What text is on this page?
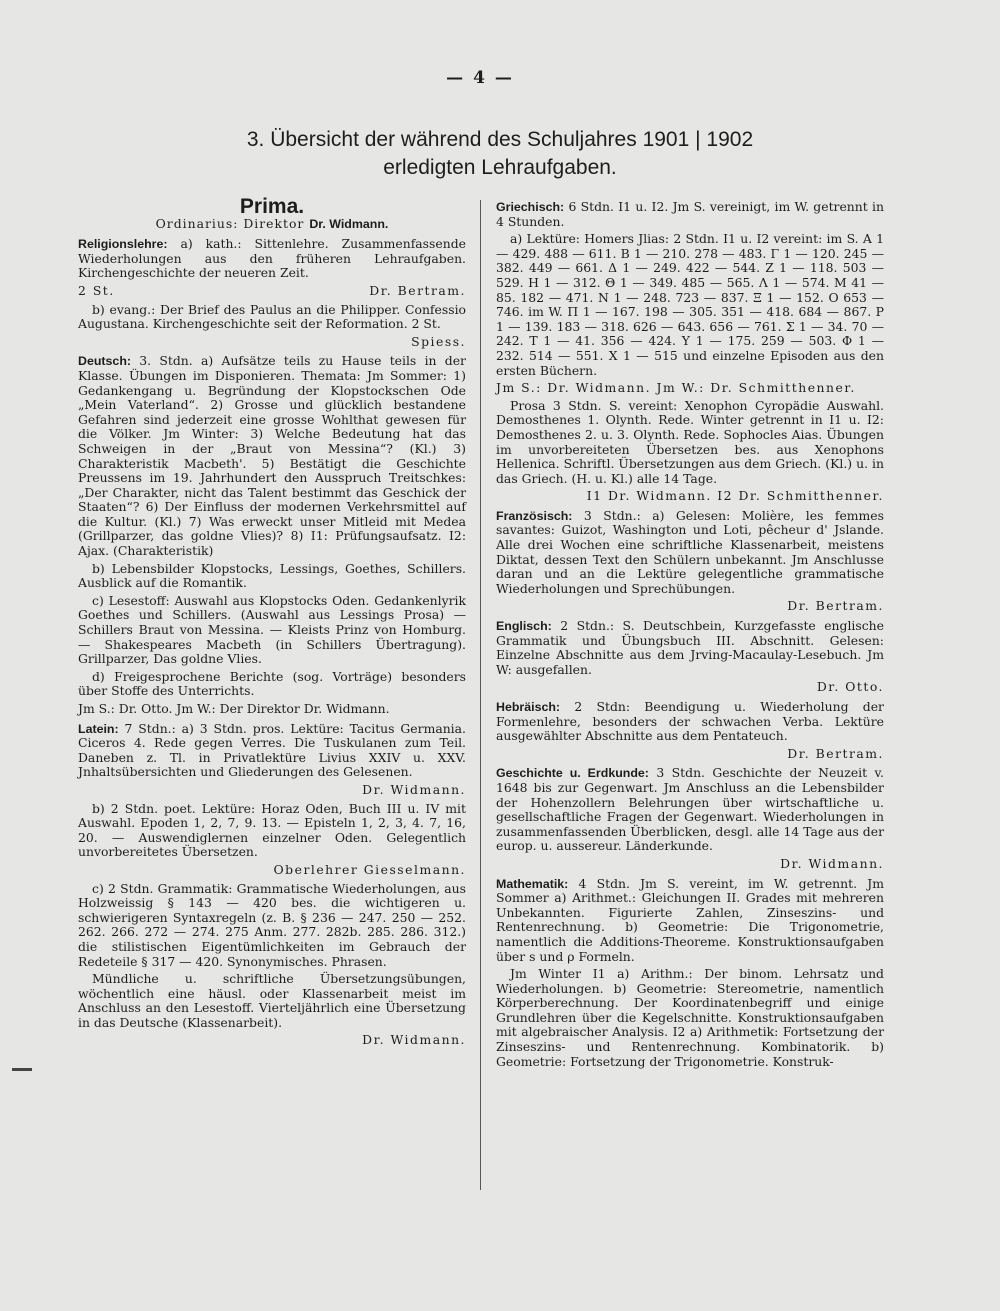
— 4 —
3. Übersicht der während des Schuljahres 1901 | 1902
erledigten Lehraufgaben.
Prima.
Ordinarius: Direktor Dr. Widmann.

Religionslehre: a) kath.: Sittenlehre. Zusammenfassende Wiederholungen aus den früheren Lehraufgaben. Kirchengeschichte der neueren Zeit.

2 St.	Dr. Bertram.

b) evang.: Der Brief des Paulus an die Philipper. Confessio Augustana. Kirchengeschichte seit der Reformation. 2 St.

Spiess.

Deutsch: 3. Stdn. a) Aufsätze teils zu Hause teils in der Klasse. Übungen im Disponieren. Themata: Jm Sommer: 1) Gedankengang u. Begründung der Klopstockschen Ode „Mein Vaterland“. 2) Grosse und glücklich bestandene Gefahren sind jederzeit eine grosse Wohlthat gewesen für die Völker. Jm Winter: 3) Welche Bedeutung hat das Schweigen in der „Braut von Messina“? (Kl.) 3) Charakteristik Macbeth'. 5) Bestätigt die Geschichte Preussens im 19. Jahrhundert den Ausspruch Treitschkes: „Der Charakter, nicht das Talent bestimmt das Geschick der Staaten“? 6) Der Einfluss der modernen Verkehrsmittel auf die Kultur. (Kl.) 7) Was erweckt unser Mitleid mit Medea (Grillparzer, das goldne Vlies)? 8) I1: Prüfungsaufsatz. I2: Ajax. (Charakteristik)

b) Lebensbilder Klopstocks, Lessings, Goethes, Schillers. Ausblick auf die Romantik.

c) Lesestoff: Auswahl aus Klopstocks Oden. Gedankenlyrik Goethes und Schillers. (Auswahl aus Lessings Prosa) — Schillers Braut von Messina. — Kleists Prinz von Homburg. — Shakespeares Macbeth (in Schillers Übertragung). Grillparzer, Das goldne Vlies.

d) Freigesprochene Berichte (sog. Vorträge) besonders über Stoffe des Unterrichts.

Jm S.: Dr. Otto. Jm W.: Der Direktor Dr. Widmann.

Latein: 7 Stdn.: a) 3 Stdn. pros. Lektüre: Tacitus Germania. Ciceros 4. Rede gegen Verres. Die Tuskulanen zum Teil. Daneben z. Tl. in Privatlektüre Livius XXIV u. XXV. Jnhaltsübersichten und Gliederungen des Gelesenen.

Dr. Widmann.

b) 2 Stdn. poet. Lektüre: Horaz Oden, Buch III u. IV mit Auswahl. Epoden 1, 2, 7, 9. 13. — Episteln 1, 2, 3, 4. 7, 16, 20. — Auswendiglernen einzelner Oden. Gelegentlich unvorbereitetes Übersetzen.

Oberlehrer Giesselmann.

c) 2 Stdn. Grammatik: Grammatische Wiederholungen, aus Holzweissig § 143 — 420 bes. die wichtigeren u. schwierigeren Syntaxregeln (z. B. § 236 — 247. 250 — 252. 262. 266. 272 — 274. 275 Anm. 277. 282b. 285. 286. 312.) die stilistischen Eigentümlichkeiten im Gebrauch der Redeteile § 317 — 420. Synonymisches. Phrasen.

Mündliche u. schriftliche Übersetzungsübungen, wöchentlich eine häusl. oder Klassenarbeit meist im Anschluss an den Lesestoff. Vierteljährlich eine Übersetzung in das Deutsche (Klassenarbeit).

Dr. Widmann.

Griechisch: 6 Stdn. I1 u. I2. Jm S. vereinigt, im W. getrennt in 4 Stunden.

a) Lektüre: Homers Jlias: 2 Stdn. I1 u. I2 vereint: im S. Α 1 — 429. 488 — 611. Β 1 — 210. 278 — 483. Γ 1 — 120. 245 — 382. 449 — 661. Δ 1 — 249. 422 — 544. Ζ 1 — 118. 503 — 529. Η 1 — 312. Θ 1 — 349. 485 — 565. Λ 1 — 574. Μ 41 — 85. 182 — 471. Ν 1 — 248. 723 — 837. Ξ 1 — 152. Ο 653 — 746. im W. Π 1 — 167. 198 — 305. 351 — 418. 684 — 867. Ρ 1 — 139. 183 — 318. 626 — 643. 656 — 761. Σ 1 — 34. 70 — 242. Τ 1 — 41. 356 — 424. Υ 1 — 175. 259 — 503. Φ 1 — 232. 514 — 551. Χ 1 — 515 und einzelne Episoden aus den ersten Büchern.

Jm S.: Dr. Widmann. Jm W.: Dr. Schmitthenner.

Prosa 3 Stdn. S. vereint: Xenophon Cyropädie Auswahl. Demosthenes 1. Olynth. Rede. Winter getrennt in I1 u. I2: Demosthenes 2. u. 3. Olynth. Rede. Sophocles Aias. Übungen im unvorbereiteten Übersetzen bes. aus Xenophons Hellenica. Schriftl. Übersetzungen aus dem Griech. (Kl.) u. in das Griech. (H. u. Kl.) alle 14 Tage.

I1 Dr. Widmann. I2 Dr. Schmitthenner.

Französisch: 3 Stdn.: a) Gelesen: Molière, les femmes savantes: Guizot, Washington und Loti, pêcheur d' Jslande. Alle drei Wochen eine schriftliche Klassenarbeit, meistens Diktat, dessen Text den Schülern unbekannt. Jm Anschlusse daran und an die Lektüre gelegentliche grammatische Wiederholungen und Sprechübungen.

Dr. Bertram.

Englisch: 2 Stdn.: S. Deutschbein, Kurzgefasste englische Grammatik und Übungsbuch III. Abschnitt. Gelesen: Einzelne Abschnitte aus dem Jrving-Macaulay-Lesebuch. Jm W: ausgefallen.

Dr. Otto.

Hebräisch: 2 Stdn: Beendigung u. Wiederholung der Formenlehre, besonders der schwachen Verba. Lektüre ausgewählter Abschnitte aus dem Pentateuch.

Dr. Bertram.

Geschichte u. Erdkunde: 3 Stdn. Geschichte der Neuzeit v. 1648 bis zur Gegenwart. Jm Anschluss an die Lebensbilder der Hohenzollern Belehrungen über wirtschaftliche u. gesellschaftliche Fragen der Gegenwart. Wiederholungen in zusammenfassenden Überblicken, desgl. alle 14 Tage aus der europ. u. aussereur. Länderkunde.

Dr. Widmann.

Mathematik: 4 Stdn. Jm S. vereint, im W. getrennt. Jm Sommer a) Arithmet.: Gleichungen II. Grades mit mehreren Unbekannten. Figurierte Zahlen, Zinseszins- und Rentenrechnung. b) Geometrie: Die Trigonometrie, namentlich die Additions-Theoreme. Konstruktionsaufgaben über s und ρ Formeln.

Jm Winter I1 a) Arithm.: Der binom. Lehrsatz und Wiederholungen. b) Geometrie: Stereometrie, namentlich Körperberechnung. Der Koordinatenbegriff und einige Grundlehren über die Kegelschnitte. Konstruktionsaufgaben mit algebraischer Analysis. I2 a) Arithmetik: Fortsetzung der Zinseszins- und Rentenrechnung. Kombinatorik. b) Geometrie: Fortsetzung der Trigonometrie. Konstruk-
